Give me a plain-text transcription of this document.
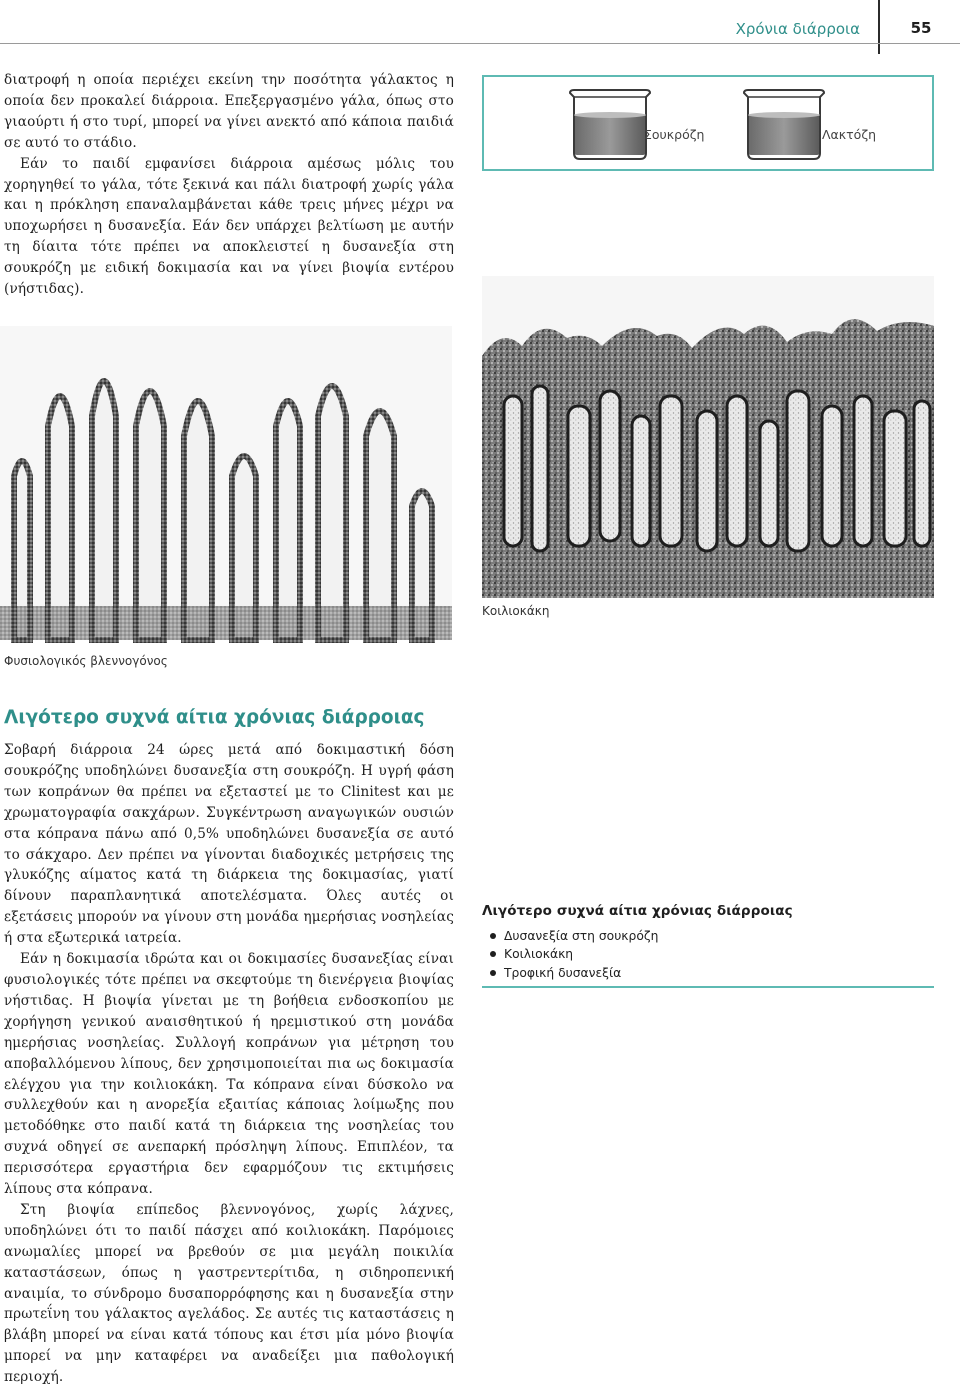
Χρόνια διάρροια	55

διατροφή η οποία περιέχει εκείνη την ποσότητα γάλακτος η οποία δεν προκαλεί διάρροια. Επεξεργασμένο γάλα, όπως στο γιαούρτι ή στο τυρί, μπορεί να γίνει ανεκτό από κάποια παιδιά σε αυτό το στάδιο.

Εάν το παιδί εμφανίσει διάρροια αμέσως μόλις του χορηγηθεί το γάλα, τότε ξεκινά και πάλι διατροφή χωρίς γάλα και η πρόκληση επαναλαμβάνεται κάθε τρεις μήνες μέχρι να υποχωρήσει η δυσανεξία. Εάν δεν υπάρχει βελτίωση με αυτήν τη δίαιτα τότε πρέπει να αποκλειστεί η δυσανεξία στη σουκρόζη με ειδική δοκιμασία και να γίνει βιοψία εντέρου (νήστιδας).

Σουκρόζη	Λακτόζη
Κοιλιοκάκη
Φυσιολογικός βλεννογόνος
Λιγότερο συχνά αίτια χρόνιας διάρροιας

Σοβαρή διάρροια 24 ώρες μετά από δοκιμαστική δόση σουκρόζης υποδηλώνει δυσανεξία στη σουκρόζη. Η υγρή φάση των κοπράνων θα πρέπει να εξεταστεί με το Clinitest και με χρωματογραφία σακχάρων. Συγκέντρωση αναγωγικών ουσιών στα κόπρανα πάνω από 0,5% υποδηλώνει δυσανεξία σε αυτό το σάκχαρο. Δεν πρέπει να γίνονται διαδοχικές μετρήσεις της γλυκόζης αίματος κατά τη διάρκεια της δοκιμασίας, γιατί δίνουν παραπλανητικά αποτελέσματα. Όλες αυτές οι εξετάσεις μπορούν να γίνουν στη μονάδα ημερήσιας νοσηλείας ή στα εξωτερικά ιατρεία.

Εάν η δοκιμασία ιδρώτα και οι δοκιμασίες δυσανεξίας είναι φυσιολογικές τότε πρέπει να σκεφτούμε τη διενέργεια βιοψίας νήστιδας. Η βιοψία γίνεται με τη βοήθεια ενδοσκοπίου με χορήγηση γενικού αναισθητικού ή ηρεμιστικού στη μονάδα ημερήσιας νοσηλείας. Συλλογή κοπράνων για μέτρηση του αποβαλλόμενου λίπους, δεν χρησιμοποιείται πια ως δοκιμασία ελέγχου για την κοιλιοκάκη. Τα κόπρανα είναι δύσκολο να συλλεχθούν και η ανορεξία εξαιτίας κάποιας λοίμωξης που μετοδόθηκε στο παιδί κατά τη διάρκεια της νοσηλείας του συχνά οδηγεί σε ανεπαρκή πρόσληψη λίπους. Επιπλέον, τα περισσότερα εργαστήρια δεν εφαρμόζουν τις εκτιμήσεις λίπους στα κόπρανα.

Στη βιοψία επίπεδος βλεννογόνος, χωρίς λάχνες, υποδηλώνει ότι το παιδί πάσχει από κοιλιοκάκη. Παρόμοιες ανωμαλίες μπορεί να βρεθούν σε μια μεγάλη ποικιλία καταστάσεων, όπως η γαστρεντερίτιδα, η σιδηροπενική αναιμία, το σύνδρομο δυσαπορρόφησης και η δυσανεξία στην πρωτεΐνη του γάλακτος αγελάδος. Σε αυτές τις καταστάσεις η βλάβη μπορεί να είναι κατά τόπους και έτσι μία μόνο βιοψία μπορεί να μην καταφέρει να αναδείξει μια παθολογική περιοχή.

Λιγότερο συχνά αίτια χρόνιας διάρροιας
Δυσανεξία στη σουκρόζη
Κοιλιοκάκη
Τροφική δυσανεξία
